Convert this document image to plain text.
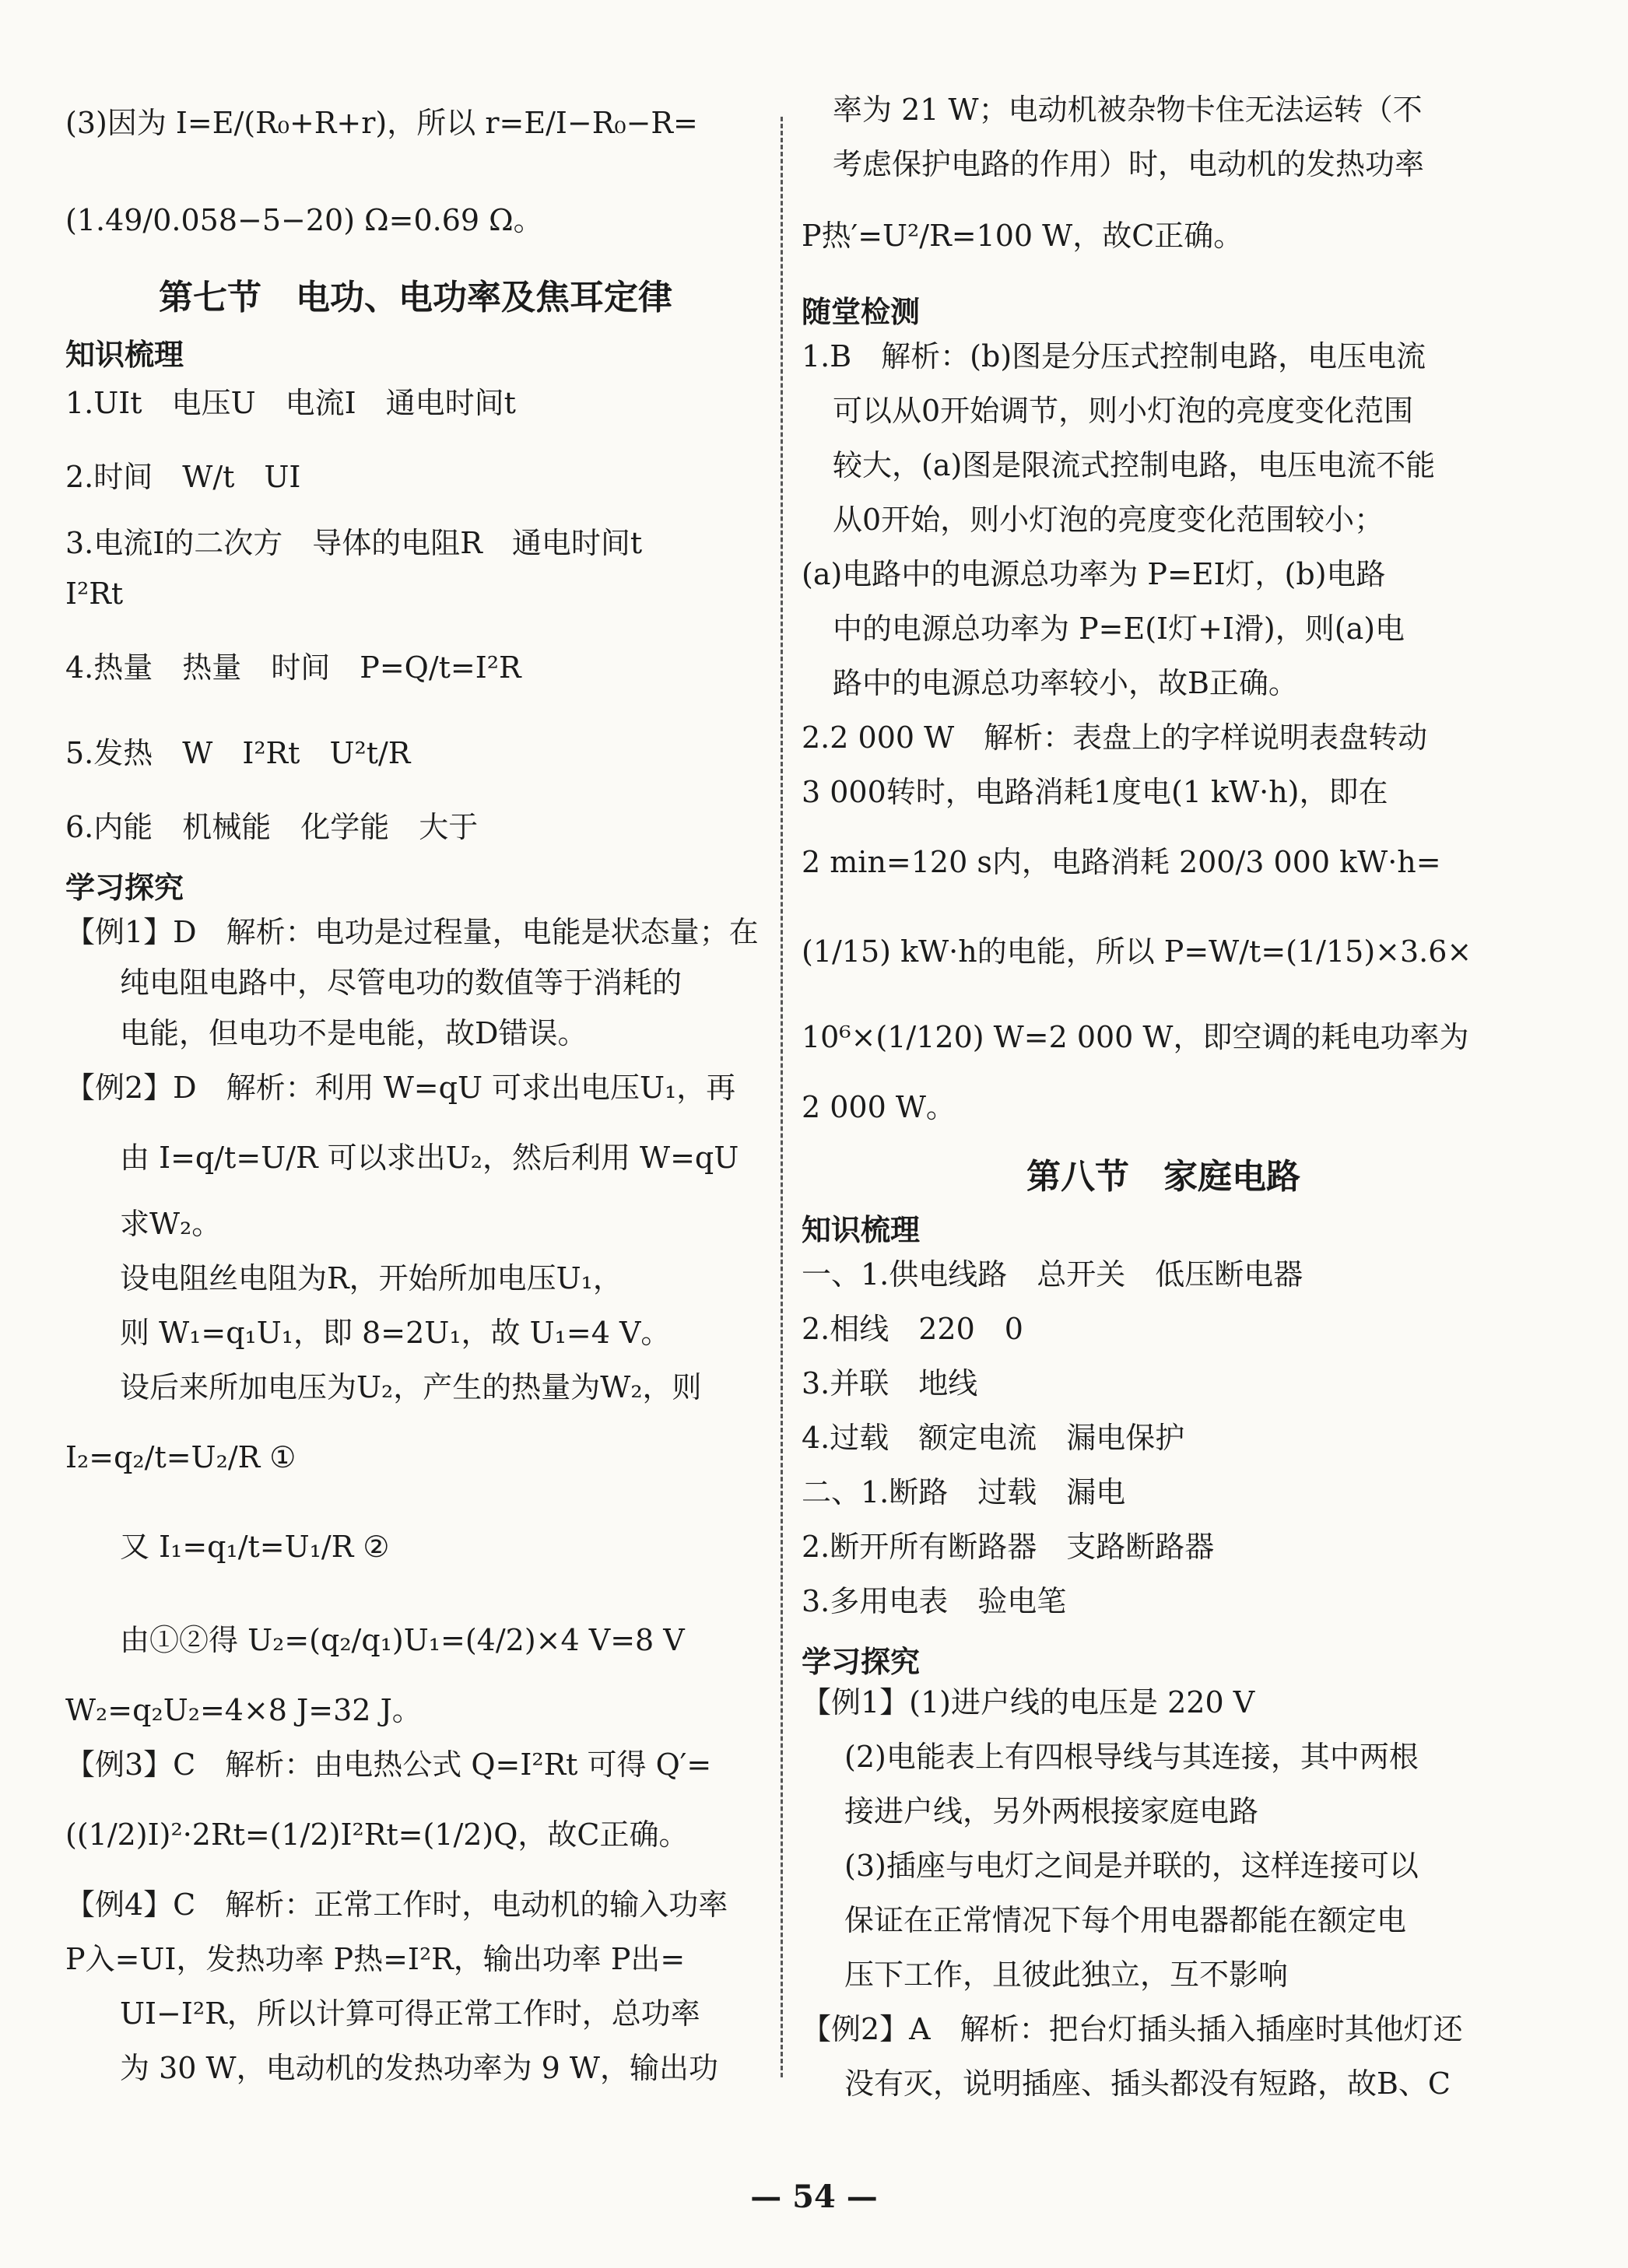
(3)因为 I=E/(R₀+R+r)，所以 r=E/I−R₀−R=
(1.49/0.058−5−20) Ω=0.69 Ω。
第七节　电功、电功率及焦耳定律
知识梳理
1.UIt　电压U　电流I　通电时间t
2.时间　W/t　UI
3.电流I的二次方　导体的电阻R　通电时间t
I²Rt
4.热量　热量　时间　P=Q/t=I²R
5.发热　W　I²Rt　U²t/R
6.内能　机械能　化学能　大于
学习探究
【例1】D　解析：电功是过程量，电能是状态量；在
纯电阻电路中，尽管电功的数值等于消耗的
电能，但电功不是电能，故D错误。
【例2】D　解析：利用 W=qU 可求出电压U₁，再
由 I=q/t=U/R 可以求出U₂，然后利用 W=qU
求W₂。
设电阻丝电阻为R，开始所加电压U₁，
则 W₁=q₁U₁，即 8=2U₁，故 U₁=4 V。
设后来所加电压为U₂，产生的热量为W₂，则
I₂=q₂/t=U₂/R ①
又 I₁=q₁/t=U₁/R ②
由①②得 U₂=(q₂/q₁)U₁=(4/2)×4 V=8 V
W₂=q₂U₂=4×8 J=32 J。
【例3】C　解析：由电热公式 Q=I²Rt 可得 Q′=
((1/2)I)²·2Rt=(1/2)I²Rt=(1/2)Q，故C正确。
【例4】C　解析：正常工作时，电动机的输入功率
P入=UI，发热功率 P热=I²R，输出功率 P出=
UI−I²R，所以计算可得正常工作时，总功率
为 30 W，电动机的发热功率为 9 W，输出功
率为 21 W；电动机被杂物卡住无法运转（不
考虑保护电路的作用）时，电动机的发热功率
P热′=U²/R=100 W，故C正确。
随堂检测
1.B　解析：(b)图是分压式控制电路，电压电流
可以从0开始调节，则小灯泡的亮度变化范围
较大，(a)图是限流式控制电路，电压电流不能
从0开始，则小灯泡的亮度变化范围较小；
(a)电路中的电源总功率为 P=EI灯，(b)电路
中的电源总功率为 P=E(I灯+I滑)，则(a)电
路中的电源总功率较小，故B正确。
2.2 000 W　解析：表盘上的字样说明表盘转动
3 000转时，电路消耗1度电(1 kW·h)，即在
2 min=120 s内，电路消耗 200/3 000 kW·h=
(1/15) kW·h的电能，所以 P=W/t=(1/15)×3.6×
10⁶×(1/120) W=2 000 W，即空调的耗电功率为
2 000 W。
第八节　家庭电路
知识梳理
一、1.供电线路　总开关　低压断电器
2.相线　220　0
3.并联　地线
4.过载　额定电流　漏电保护
二、1.断路　过载　漏电
2.断开所有断路器　支路断路器
3.多用电表　验电笔
学习探究
【例1】(1)进户线的电压是 220 V
(2)电能表上有四根导线与其连接，其中两根
接进户线，另外两根接家庭电路
(3)插座与电灯之间是并联的，这样连接可以
保证在正常情况下每个用电器都能在额定电
压下工作，且彼此独立，互不影响
【例2】A　解析：把台灯插头插入插座时其他灯还
没有灭，说明插座、插头都没有短路，故B、C
— 54 —
